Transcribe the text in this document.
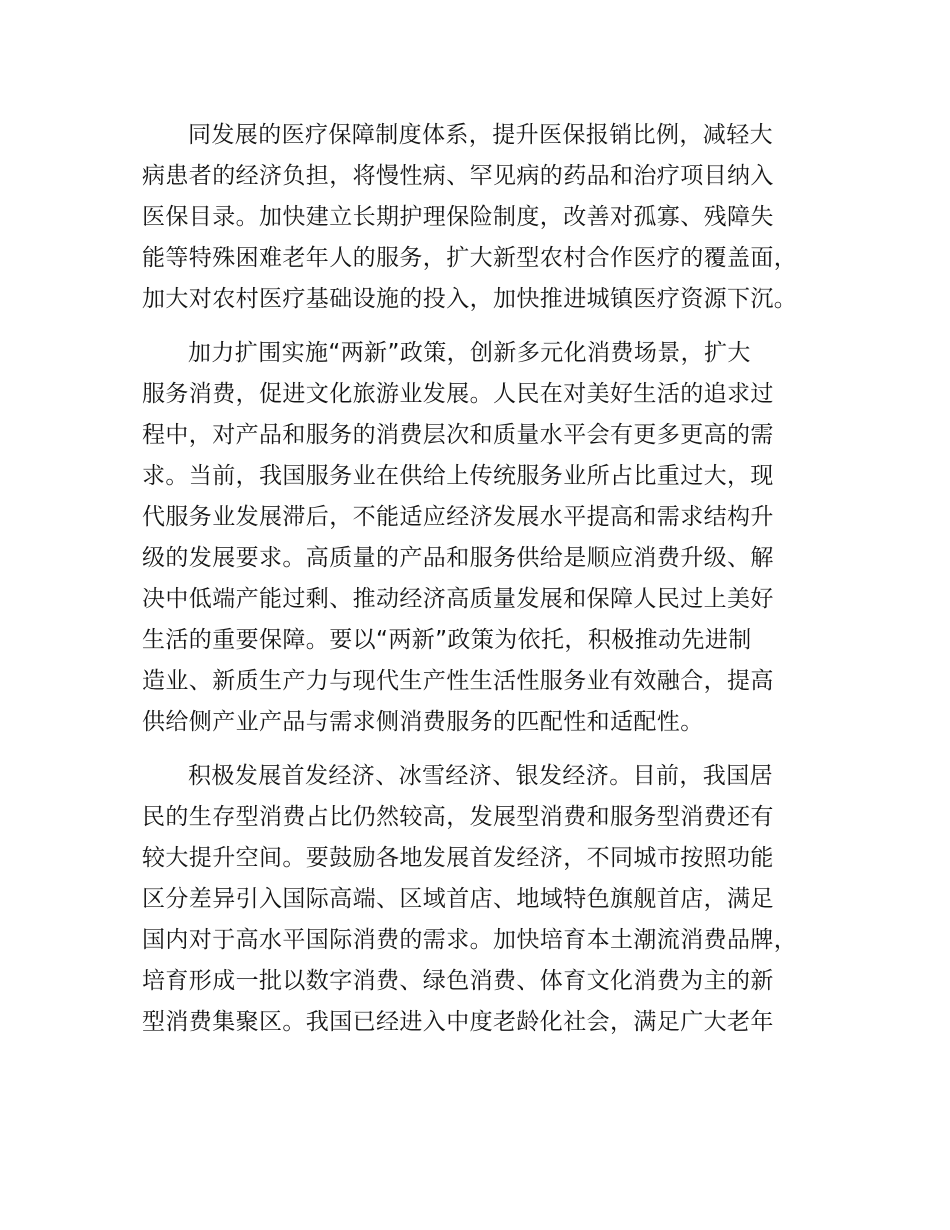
同发展的医疗保障制度体系，提升医保报销比例，减轻大
病患者的经济负担，将慢性病、罕见病的药品和治疗项目纳入
医保目录。加快建立长期护理保险制度，改善对孤寡、残障失
能等特殊困难老年人的服务，扩大新型农村合作医疗的覆盖面，
加大对农村医疗基础设施的投入，加快推进城镇医疗资源下沉。
加力扩围实施“两新”政策，创新多元化消费场景，扩大
服务消费，促进文化旅游业发展。人民在对美好生活的追求过
程中，对产品和服务的消费层次和质量水平会有更多更高的需
求。当前，我国服务业在供给上传统服务业所占比重过大，现
代服务业发展滞后，不能适应经济发展水平提高和需求结构升
级的发展要求。高质量的产品和服务供给是顺应消费升级、解
决中低端产能过剩、推动经济高质量发展和保障人民过上美好
生活的重要保障。要以“两新”政策为依托，积极推动先进制
造业、新质生产力与现代生产性生活性服务业有效融合，提高
供给侧产业产品与需求侧消费服务的匹配性和适配性。
积极发展首发经济、冰雪经济、银发经济。目前，我国居
民的生存型消费占比仍然较高，发展型消费和服务型消费还有
较大提升空间。要鼓励各地发展首发经济，不同城市按照功能
区分差异引入国际高端、区域首店、地域特色旗舰首店，满足
国内对于高水平国际消费的需求。加快培育本土潮流消费品牌，
培育形成一批以数字消费、绿色消费、体育文化消费为主的新
型消费集聚区。我国已经进入中度老龄化社会，满足广大老年
